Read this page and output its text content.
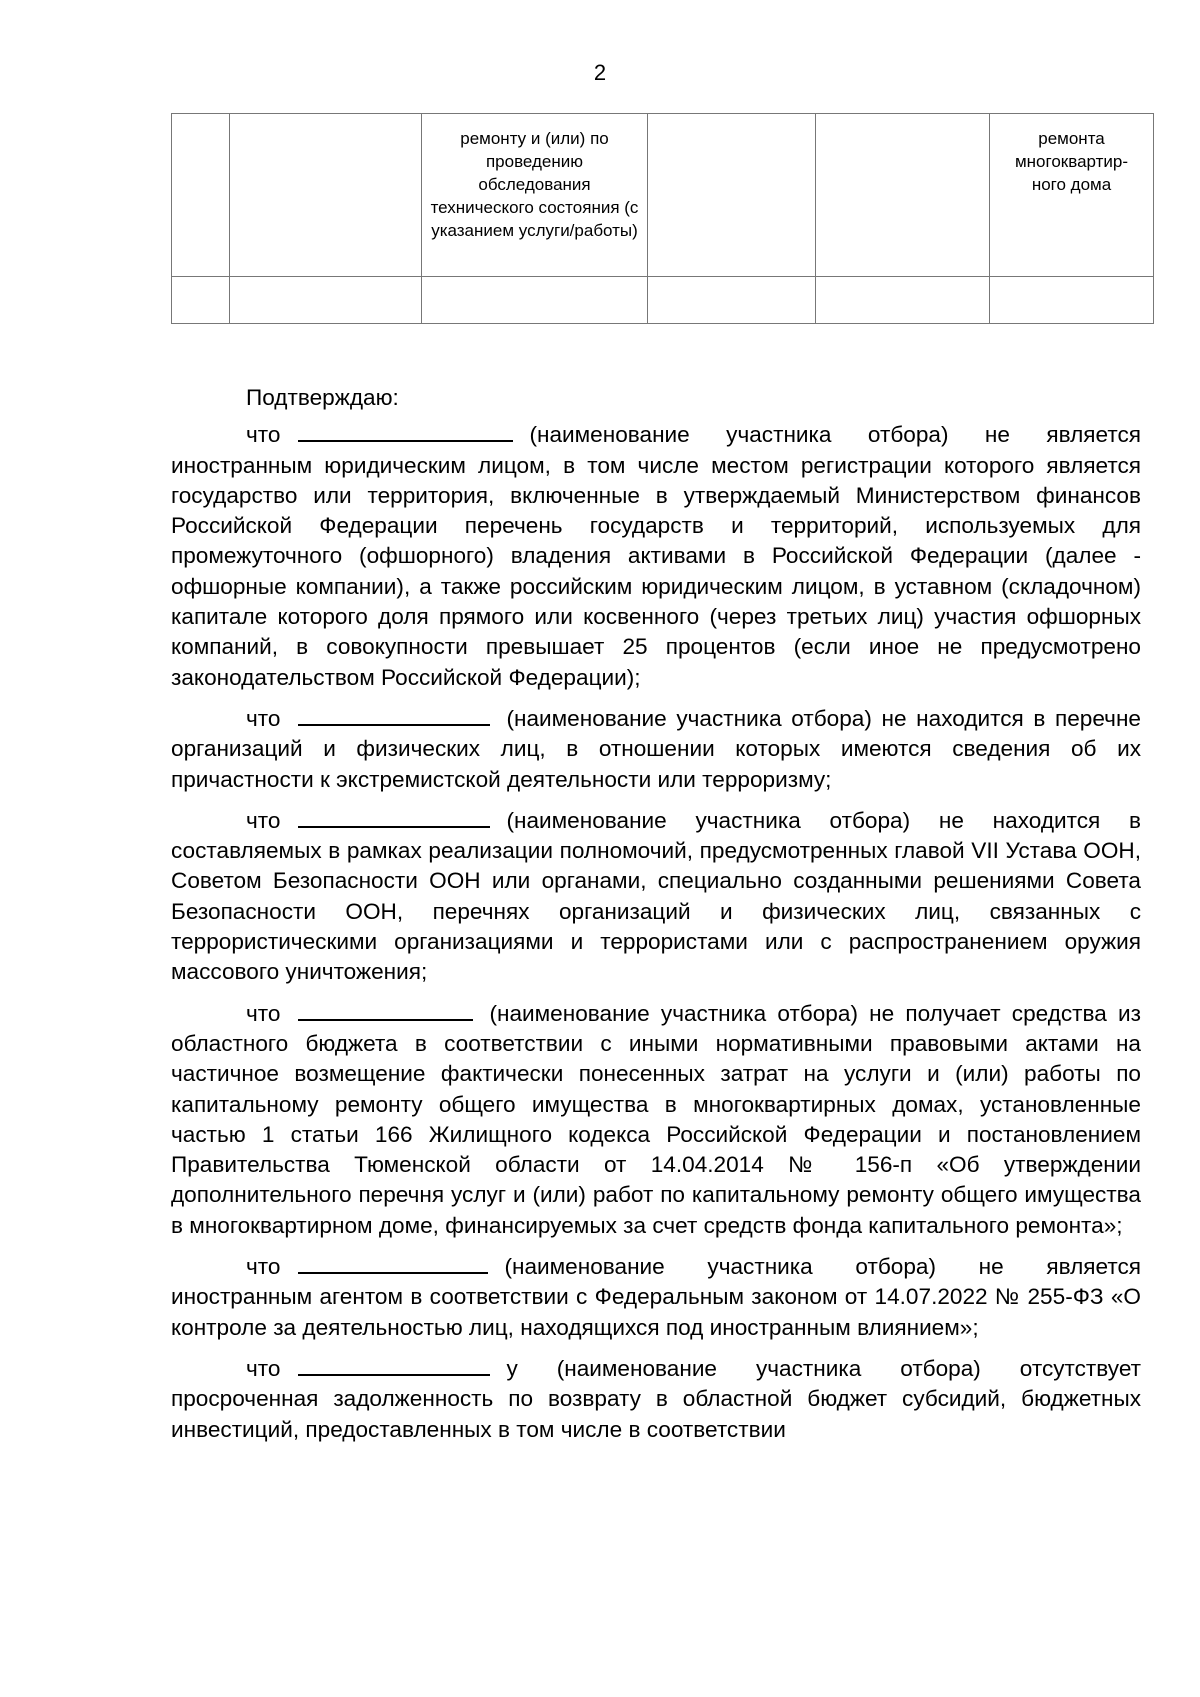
2
		ремонту и (или) по проведению обследования технического состояния (с указанием услуги/работы)			ремонта многоквартир-ного дома

Подтверждаю:

что	(наименование участника отбора) не является иностранным юридическим лицом, в том числе местом регистрации которого является государство или территория, включенные в утверждаемый Министерством финансов Российской Федерации перечень государств и территорий, используемых для промежуточного (офшорного) владения активами в Российской Федерации (далее - офшорные компании), а также российским юридическим лицом, в уставном (складочном) капитале которого доля прямого или косвенного (через третьих лиц) участия офшорных компаний, в совокупности превышает 25 процентов (если иное не предусмотрено законодательством Российской Федерации);

что	(наименование участника отбора) не находится в перечне организаций и физических лиц, в отношении которых имеются сведения об их причастности к экстремистской деятельности или терроризму;

что	(наименование участника отбора) не находится в составляемых в рамках реализации полномочий, предусмотренных главой VII Устава ООН, Советом Безопасности ООН или органами, специально созданными решениями Совета Безопасности ООН, перечнях организаций и физических лиц, связанных с террористическими организациями и террористами или с распространением оружия массового уничтожения;

что	(наименование участника отбора) не получает средства из областного бюджета в соответствии с иными нормативными правовыми актами на частичное возмещение фактически понесенных затрат на услуги и (или) работы по капитальному ремонту общего имущества в многоквартирных домах, установленные частью 1 статьи 166 Жилищного кодекса Российской Федерации и постановлением Правительства Тюменской области от 14.04.2014 № 156-п «Об утверждении дополнительного перечня услуг и (или) работ по капитальному ремонту общего имущества в многоквартирном доме, финансируемых за счет средств фонда капитального ремонта»;

что	(наименование участника отбора) не является иностранным агентом в соответствии с Федеральным законом от 14.07.2022 № 255-ФЗ «О контроле за деятельностью лиц, находящихся под иностранным влиянием»;

что	у (наименование участника отбора) отсутствует просроченная задолженность по возврату в областной бюджет субсидий, бюджетных инвестиций, предоставленных в том числе в соответствии
